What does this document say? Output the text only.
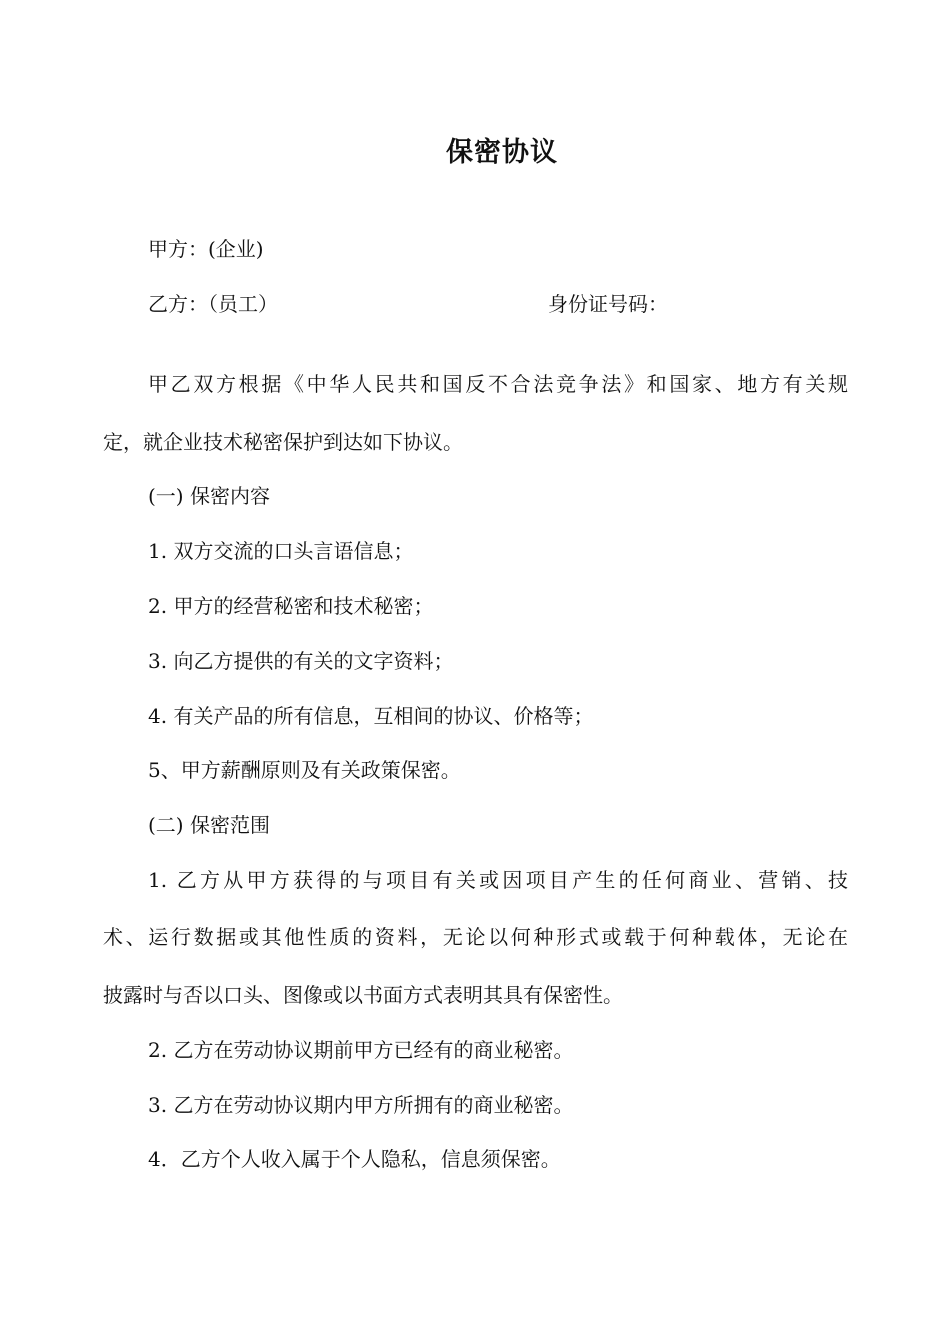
保密协议
甲方：(企业)
乙方：（员工）	身份证号码：
甲乙双方根据《中华人民共和国反不合法竞争法》和国家、地方有关规
定，就企业技术秘密保护到达如下协议。
(一) 保密内容
1. 双方交流的口头言语信息；
2. 甲方的经营秘密和技术秘密；
3. 向乙方提供的有关的文字资料；
4. 有关产品的所有信息，互相间的协议、价格等；
5、甲方薪酬原则及有关政策保密。
(二) 保密范围
1. 乙方从甲方获得的与项目有关或因项目产生的任何商业、营销、技
术、运行数据或其他性质的资料，无论以何种形式或载于何种载体，无论在
披露时与否以口头、图像或以书面方式表明其具有保密性。
2. 乙方在劳动协议期前甲方已经有的商业秘密。
3. 乙方在劳动协议期内甲方所拥有的商业秘密。
4．乙方个人收入属于个人隐私，信息须保密。
